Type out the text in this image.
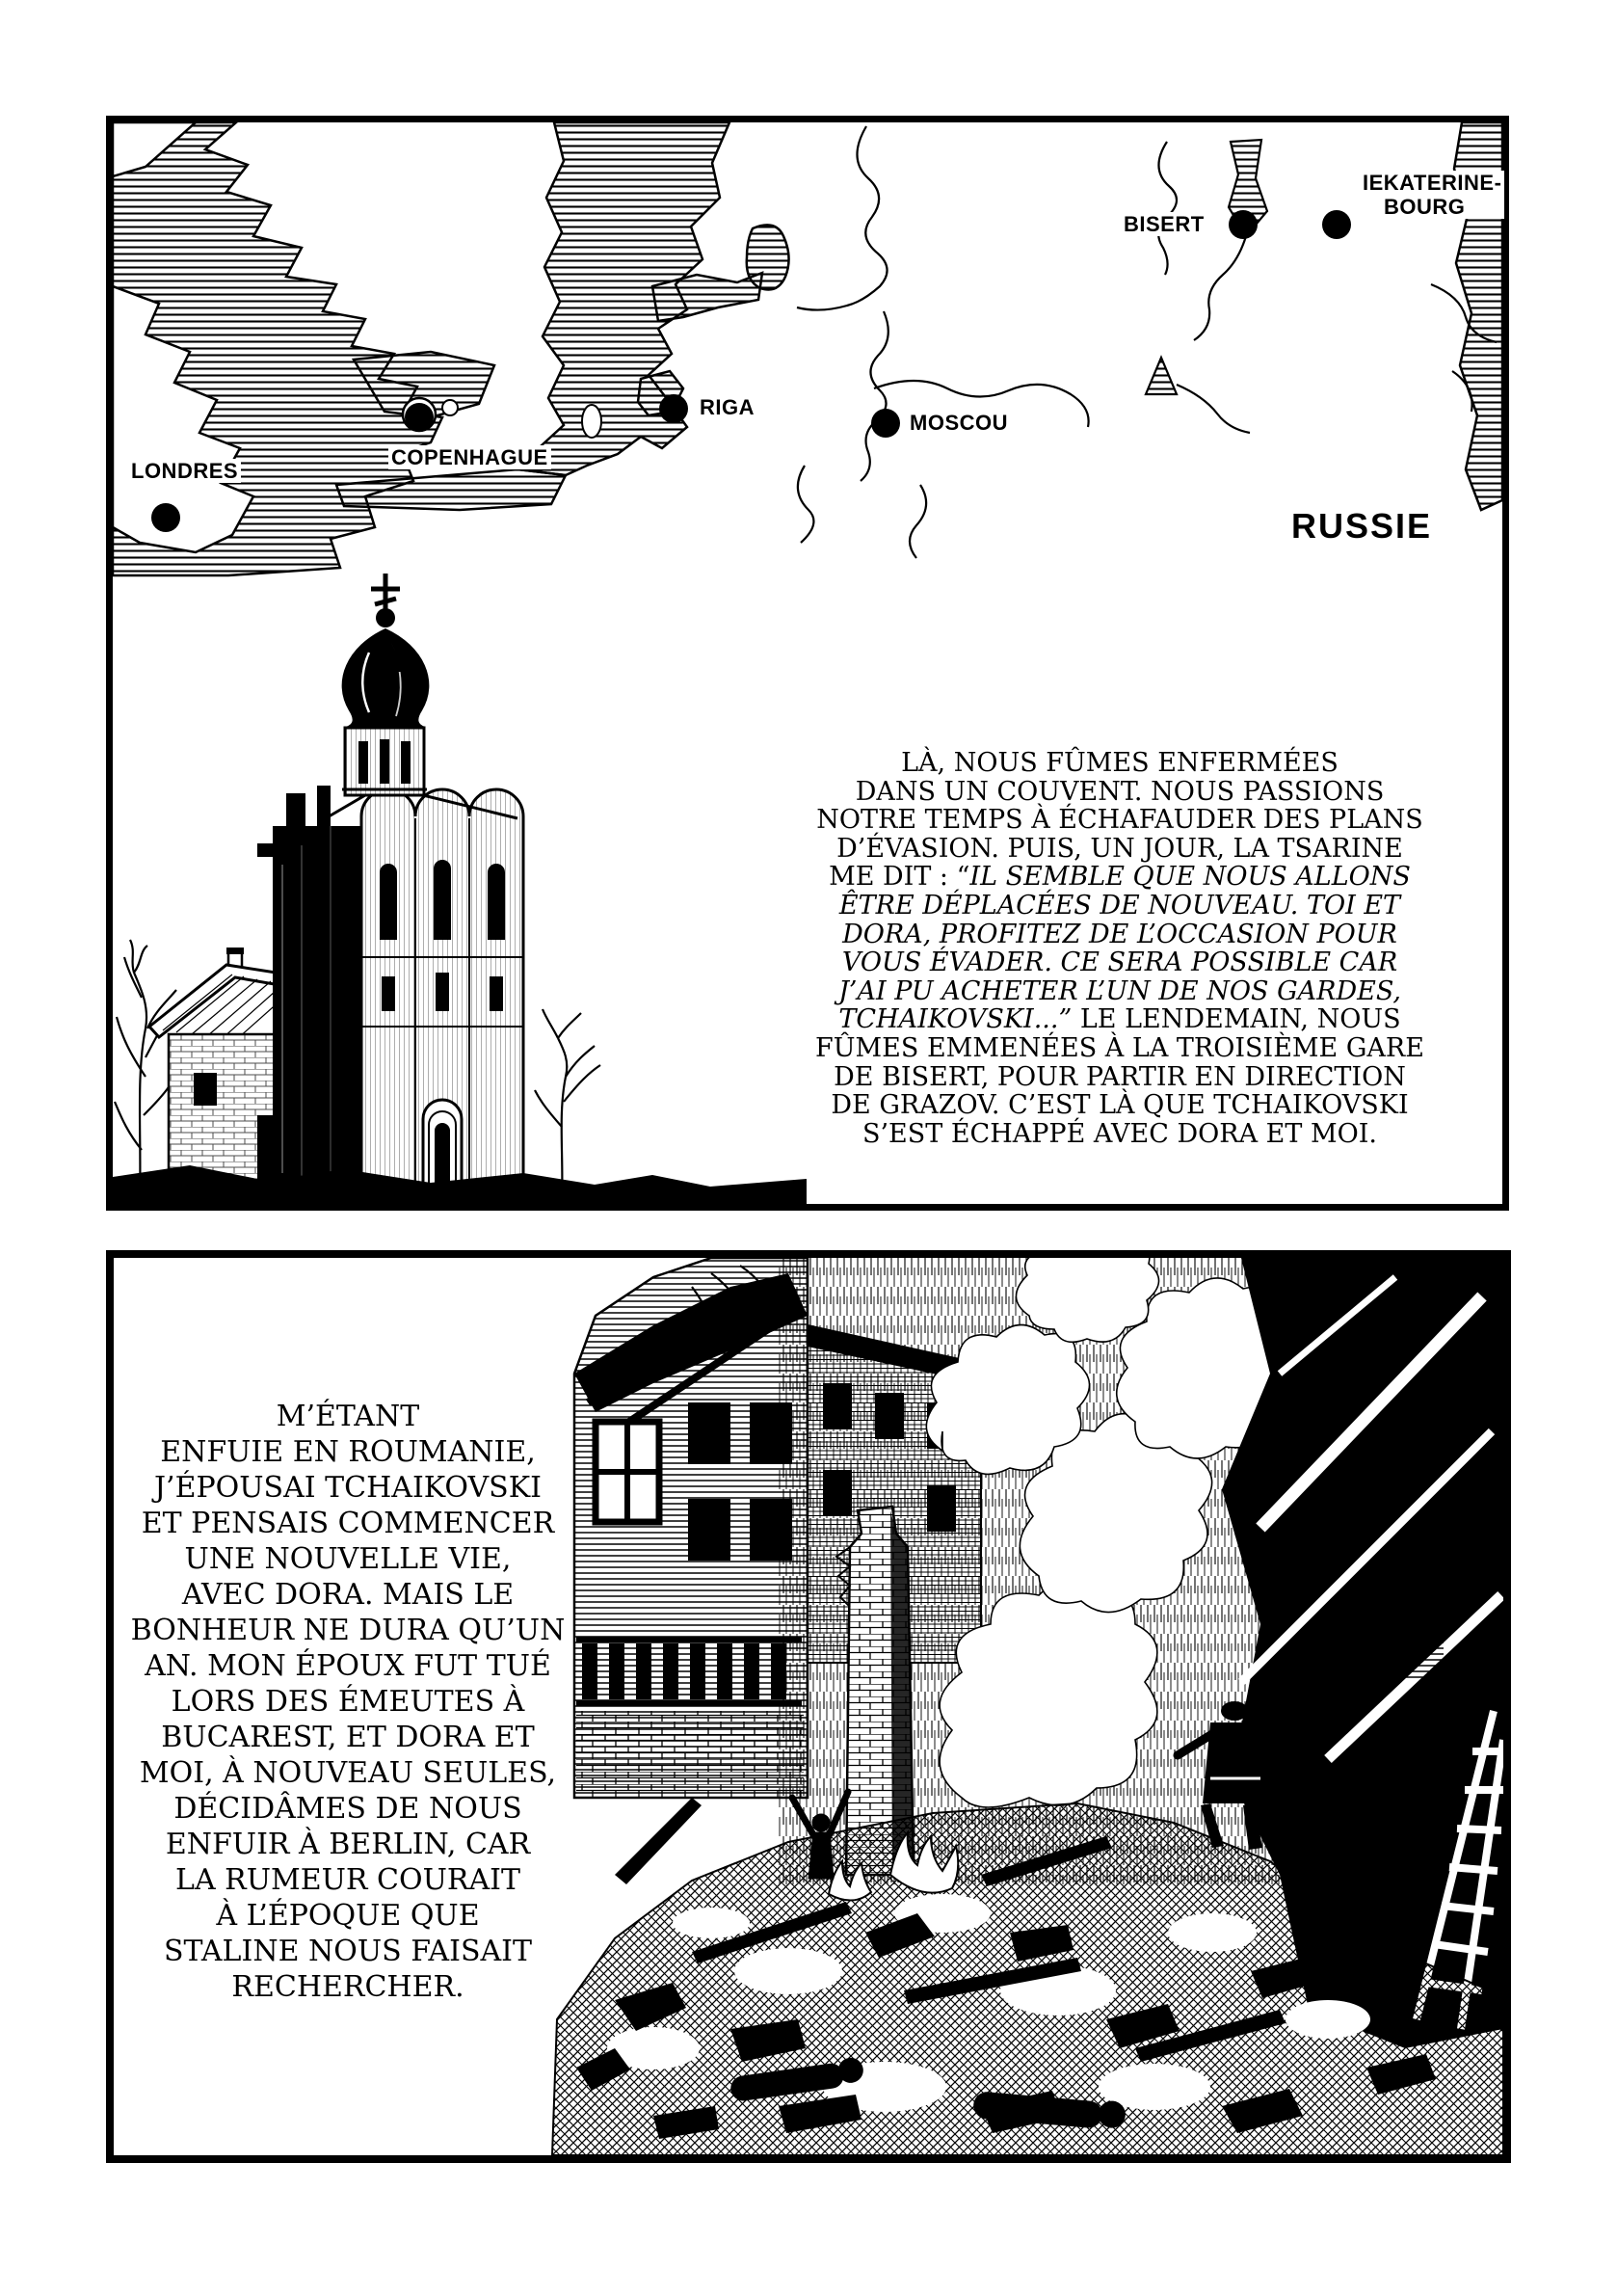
LONDRES
COPENHAGUE
RIGA
MOSCOU
BISERT
IEKATERINE-
BOURG
RUSSIE
LÀ, NOUS FÛMES ENFERMÉES
DANS UN COUVENT. NOUS PASSIONS
NOTRE TEMPS À ÉCHAFAUDER DES PLANS
D’ÉVASION. PUIS, UN JOUR, LA TSARINE
ME DIT : “IL SEMBLE QUE NOUS ALLONS
ÊTRE DÉPLACÉES DE NOUVEAU. TOI ET
DORA, PROFITEZ DE L’OCCASION POUR
VOUS ÉVADER. CE SERA POSSIBLE CAR
J’AI PU ACHETER L’UN DE NOS GARDES,
TCHAIKOVSKI...” LE LENDEMAIN, NOUS
FÛMES EMMENÉES À LA TROISIÈME GARE
DE BISERT, POUR PARTIR EN DIRECTION
DE GRAZOV. C’EST LÀ QUE TCHAIKOVSKI
S’EST ÉCHAPPÉ AVEC DORA ET MOI.
M’ÉTANT
ENFUIE EN ROUMANIE,
J’ÉPOUSAI TCHAIKOVSKI
ET PENSAIS COMMENCER
UNE NOUVELLE VIE,
AVEC DORA. MAIS LE
BONHEUR NE DURA QU’UN
AN. MON ÉPOUX FUT TUÉ
LORS DES ÉMEUTES À
BUCAREST, ET DORA ET
MOI, À NOUVEAU SEULES,
DÉCIDÂMES DE NOUS
ENFUIR À BERLIN, CAR
LA RUMEUR COURAIT
À L’ÉPOQUE QUE
STALINE NOUS FAISAIT
RECHERCHER.
